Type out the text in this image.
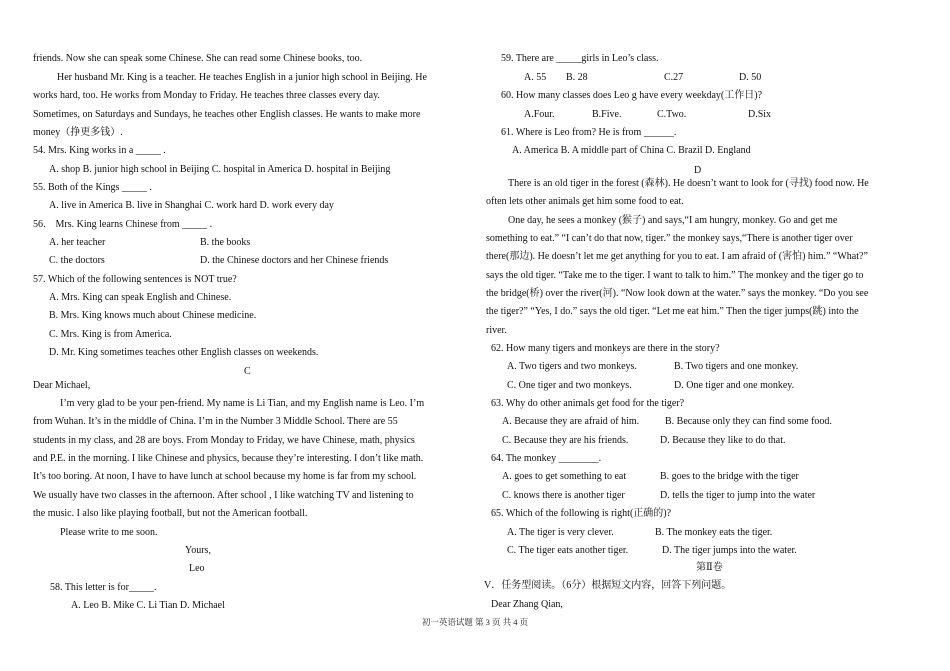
friends. Now she can speak some Chinese. She can read some Chinese books, too.
Her husband Mr. King is a teacher. He teaches English in a junior high school in Beijing. He
works hard, too. He works from Monday to Friday. He teaches three classes every day.
Sometimes, on Saturdays and Sundays, he teaches other English classes. He wants to make more
money（挣更多钱）.
54. Mrs. King works in a _____ .
A. shop B. junior high school in Beijing C. hospital in America D. hospital in Beijing
55. Both of the Kings _____ .
A. live in America B. live in Shanghai C. work hard D. work every day
56． Mrs. King learns Chinese from _____ .
A. her teacher	B. the books
C. the doctors	D. the Chinese doctors and her Chinese friends
57. Which of the following sentences is NOT true?
A. Mrs. King can speak English and Chinese.
B. Mrs. King knows much about Chinese medicine.
C. Mrs. King is from America.
D. Mr. King sometimes teaches other English classes on weekends.
C
Dear Michael,
I’m very glad to be your pen-friend. My name is Li Tian, and my English name is Leo. I’m
from Wuhan. It’s in the middle of China. I’m in the Number 3 Middle School. There are 55
students in my class, and 28 are boys. From Monday to Friday, we have Chinese, math, physics
and P.E. in the morning. I like Chinese and physics, because they’re interesting. I don’t like math.
It’s too boring. At noon, I have to have lunch at school because my home is far from my school.
We usually have two classes in the afternoon. After school , I like watching TV and listening to
the music. I also like playing football, but not the American football.
Please write to me soon.
Yours,
Leo
58. This letter is for_____.
A. Leo B. Mike C. Li Tian D. Michael
59. There are _____girls in Leo’s class.
A. 55 B. 28	C.27	D. 50
60. How many classes does Leo g have every weekday(工作日)?
A.Four.	B.Five.	C.Two.	D.Six
61. Where is Leo from? He is from ______.
A. America B. A middle part of China C. Brazil D. England
D
There is an old tiger in the forest (森林). He doesn’t want to look for (寻找) food now. He
often lets other animals get him some food to eat.
One day, he sees a monkey (猴子) and says,“I am hungry, monkey. Go and get me
something to eat.” “I can’t do that now, tiger.” the monkey says,“There is another tiger over
there(那边). He doesn’t let me get anything for you to eat. I am afraid of (害怕) him.” “What?”
says the old tiger. “Take me to the tiger. I want to talk to him.” The monkey and the tiger go to
the bridge(桥) over the river(河). “Now look down at the water.” says the monkey. “Do you see
the tiger?” “Yes, I do.” says the old tiger. “Let me eat him.” Then the tiger jumps(跳) into the
river.
62. How many tigers and monkeys are there in the story?
A. Two tigers and two monkeys.	B. Two tigers and one monkey.
C. One tiger and two monkeys.	D. One tiger and one monkey.
63. Why do other animals get food for the tiger?
A. Because they are afraid of him.	B. Because only they can find some food.
C. Because they are his friends.	D. Because they like to do that.
64. The monkey ________.
A. goes to get something to eat	B. goes to the bridge with the tiger
C. knows there is another tiger	D. tells the tiger to jump into the water
65. Which of the following is right(正确的)?
A. The tiger is very clever.	B. The monkey eats the tiger.
C. The tiger eats another tiger.	D. The tiger jumps into the water.
第Ⅱ卷
V．任务型阅读。（6分）根据短文内容，回答下列问题。
Dear Zhang Qian,
初一英语试题 第 3 页 共 4 页
